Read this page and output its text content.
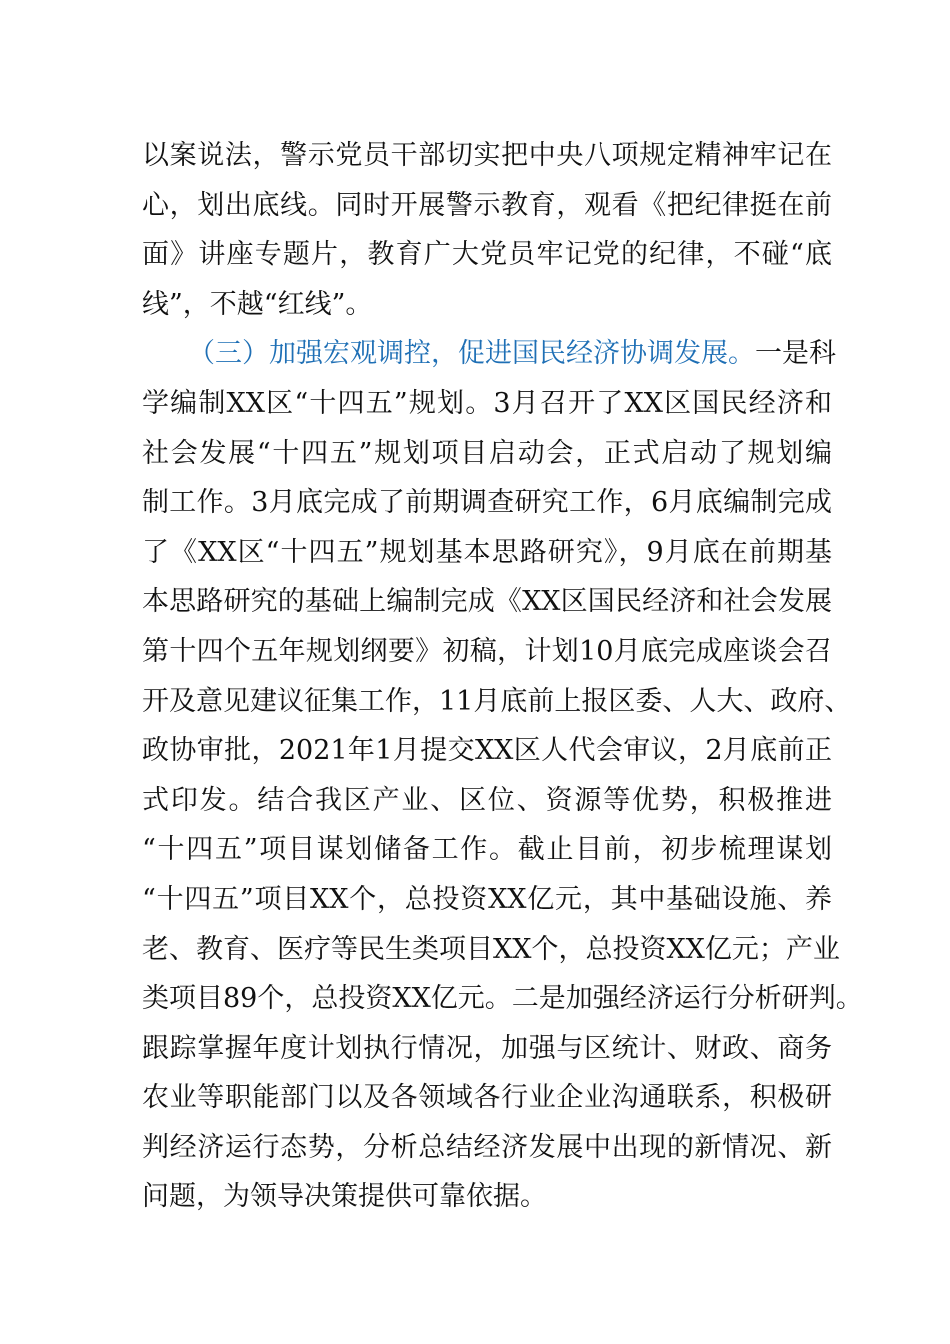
以案说法，警示党员干部切实把中央八项规定精神牢记在
心，划出底线。同时开展警示教育，观看《把纪律挺在前
面》讲座专题片，教育广大党员牢记党的纪律，不碰“底
线”，不越“红线”。
（三）加强宏观调控，促进国民经济协调发展。一是科
学编制XX区“十四五”规划。3月召开了XX区国民经济和
社会发展“十四五”规划项目启动会，正式启动了规划编
制工作。3月底完成了前期调查研究工作，6月底编制完成
了《XX区“十四五”规划基本思路研究》，9月底在前期基
本思路研究的基础上编制完成《XX区国民经济和社会发展
第十四个五年规划纲要》初稿，计划10月底完成座谈会召
开及意见建议征集工作，11月底前上报区委、人大、政府、
政协审批，2021年1月提交XX区人代会审议，2月底前正
式印发。结合我区产业、区位、资源等优势，积极推进
“十四五”项目谋划储备工作。截止目前，初步梳理谋划
“十四五”项目XX个，总投资XX亿元，其中基础设施、养
老、教育、医疗等民生类项目XX个，总投资XX亿元；产业
类项目89个，总投资XX亿元。二是加强经济运行分析研判。
跟踪掌握年度计划执行情况，加强与区统计、财政、商务
农业等职能部门以及各领域各行业企业沟通联系，积极研
判经济运行态势，分析总结经济发展中出现的新情况、新
问题，为领导决策提供可靠依据。
